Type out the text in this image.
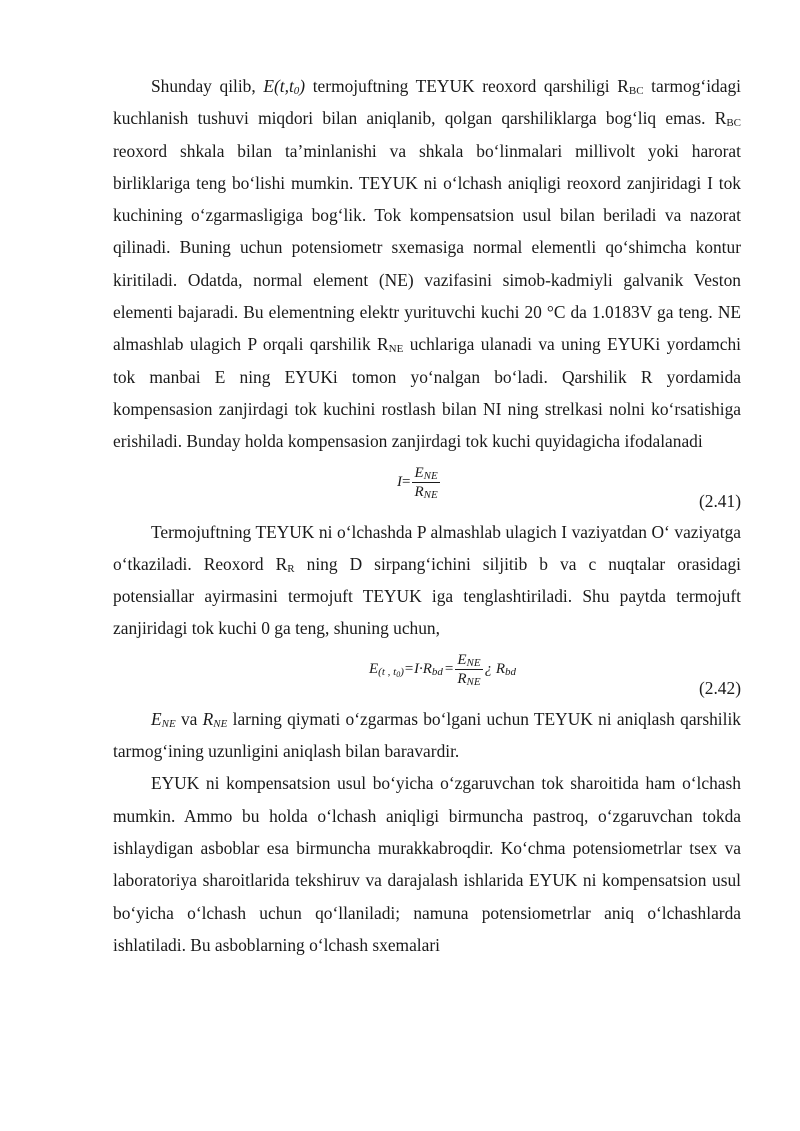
Shunday qilib, $E(t,t_0)$ termojuftning TEYUK reoxord qarshiligi $R_{BC}$ tarmog‘idagi kuchlanish tushuvi miqdori bilan aniqlanib, qolgan qarshiliklarga bog‘liq emas. $R_{BC}$ reoxord shkala bilan ta’minlanishi va shkala bo‘linmalari millivolt yoki harorat birliklariga teng bo‘lishi mumkin. TEYUK ni o‘lchash aniqligi reoxord zanjiridagi I tok kuchining o‘zgarmasligiga bog‘lik. Tok kompensatsion usul bilan beriladi va nazorat qilinadi. Buning uchun potensiometr sxemasiga normal elementli qo‘shimcha kontur kiritiladi. Odatda, normal element (NE) vazifasini simob-kadmiyli galvanik Veston elementi bajaradi. Bu elementning elektr yurituvchi kuchi 20 °C da 1.0183V ga teng. NE almashlab ulagich P orqali qarshilik $R_{NE}$ uchlariga ulanadi va uning EYUKi yordamchi tok manbai E ning EYUKi tomon yo‘nalgan bo‘ladi. Qarshilik R yordamida kompensasion zanjirdagi tok kuchini rostlash bilan NI ning strelkasi nolni ko‘rsatishiga erishiladi. Bunday holda kompensasion zanjirdagi tok kuchi quyidagicha ifodalanadi

$I = \frac{E_{NE}}{R_{NE}}$	(2.41)

Termojuftning TEYUK ni o‘lchashda P almashlab ulagich I vaziyatdan O‘ vaziyatga o‘tkaziladi. Reoxord $R_R$ ning D sirpang‘ichini siljitib b va c nuqtalar orasidagi potensiallar ayirmasini termojuft TEYUK iga tenglashtiriladi. Shu paytda termojuft zanjiridagi tok kuchi 0 ga teng, shuning uchun,

$E_{(t , t_0)} =I\cdot R_{bd} = \frac{E_{NE}}{R_{NE}}$ ¿ $R_{bd}$
(2.42)

$E_{NE}$ va $R_{NE}$ larning qiymati o‘zgarmas bo‘lgani uchun TEYUK ni aniqlash qarshilik tarmog‘ining uzunligini aniqlash bilan baravardir.

EYUK ni kompensatsion usul bo‘yicha o‘zgaruvchan tok sharoitida ham o‘lchash mumkin. Ammo bu holda o‘lchash aniqligi birmuncha pastroq, o‘zgaruvchan tokda ishlaydigan asboblar esa birmuncha murakkabroqdir. Ko‘chma potensiometrlar tsex va laboratoriya sharoitlarida tekshiruv va darajalash ishlarida EYUK ni kompensatsion usul bo‘yicha o‘lchash uchun qo‘llaniladi; namuna potensiometrlar aniq o‘lchashlarda ishlatiladi. Bu asboblarning o‘lchash sxemalari
